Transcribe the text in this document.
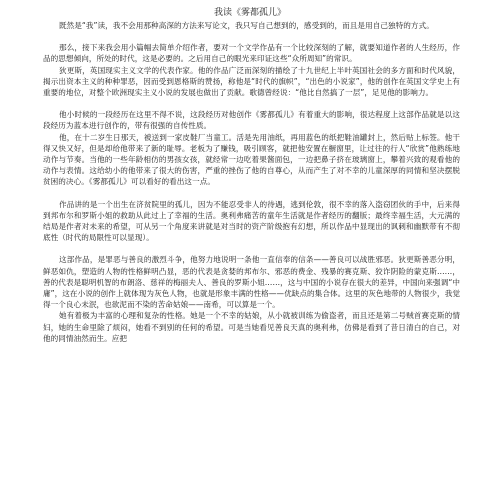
我读《雾都孤儿》

既然是“我”读，我不会用那种高深的方法来写论文，我只写自己想到的，感受到的，而且是用自己独特的方式。

那么，接下来我会用小篇幅去简单介绍作者，要对一个文学作品有一个比较深刻的了解，就要知道作者的人生经历，作品的思想倾向，所处的时代，这是必要的。之后用自己的眼光来印证这些“众所周知”的常识。

狄更斯，英国现实主义文学的代表作家。他的作品广泛而深刻的描绘了十九世纪上半叶英国社会的多方面和时代风貌，揭示出资本主义的种种罪恶，因而受到恩格斯的赞扬，称他是“时代的旗帜”，“出色的小说家”，他的创作在英国文学史上有重要的地位，对整个欧洲现实主义小说的发展也做出了贡献。歌德曾经说：“他比自然搞了一层”，足见他的影响力。

他小时候的一段经历在这里不得不说，这段经历对他创作《雾都孤儿》有着重大的影响，很达程度上这部作品就是以这段经历为蓝本进行创作的，带有很强的自传性质。

他，在十二岁生日那天，被送到一家皮鞋厂当童工。活是先用油纸，再用蓝色的纸把鞋油罐封上，然后贴上标签。他干得又快又好，但是却给他带来了新的耻辱。老板为了赚钱，吸引顾客，就把他安置在橱窗里，让过往的行人“欣赏”他熟练地动作与节奏。当他的一些年龄相仿的男孩女孩，就经常一边吃着果酱面包，一边把鼻子挤在玻璃窗上，攀着兴致的观看他的动作与表情。这给幼小的他带来了很大的伤害，严重的挫伤了他的自尊心，从而产生了对不幸的儿童深厚的同情和坚决摆脱贫困的决心。《雾都孤儿》可以看好的看出这一点。

作品讲的是一个出生在济贫院里的孤儿，因为不能忍受非人的待遇，逃到伦敦，很不幸的落入盗窃团伙的手中，后来得到邦布尔和罗斯小姐的救助从此过上了幸福的生活。奥利弗痛苦的童年生活就是作者经历的翻版；最终幸福生活，大元满的结局是作者对未来的希望，可从另一个角度来讲就是对当时的资产阶级抱有幻想，所以作品中显现出的讽刺和幽默带有不彻底性（时代的局限性可以显现）。

这部作品，是罪恶与善良的激烈斗争，他努力地说明一条他一直信奉的信条——善良可以战胜邪恶。狄更斯善恶分明，鲜恶如仇，塑造的人物的性格鲜明凸显，恶的代表是贪婪的邦布尔、邪恶的费金、残暴的赛克斯、狡诈阴险的蒙克斯……，善的代表是聪明机智的布朗洛、慈祥的梅丽夫人、善良的罗斯小姐……，这与中国的小说存在很大的差异，中国向来强调“中庸”，这在小说的创作上就体现为灰色人物，也就是形象丰满的性格——优缺点的集合体。这里的灰色地带的人物很少，我觉得一个良心未泯，也欲泥而不染的苦命姑娘——南希，可以算是一个。

她有着极为丰富的心理和复杂的性格。她是一个不幸的姑娘，从小就被训练为偷盗者，而且还是第二号贼首赛克斯的情妇，她的生命里除了烦闷，她看不到别的任何的希望。可是当她看见善良天真的奥利弗，仿佛是看到了昔日清白的自己，对他的同情油然而生。应把
